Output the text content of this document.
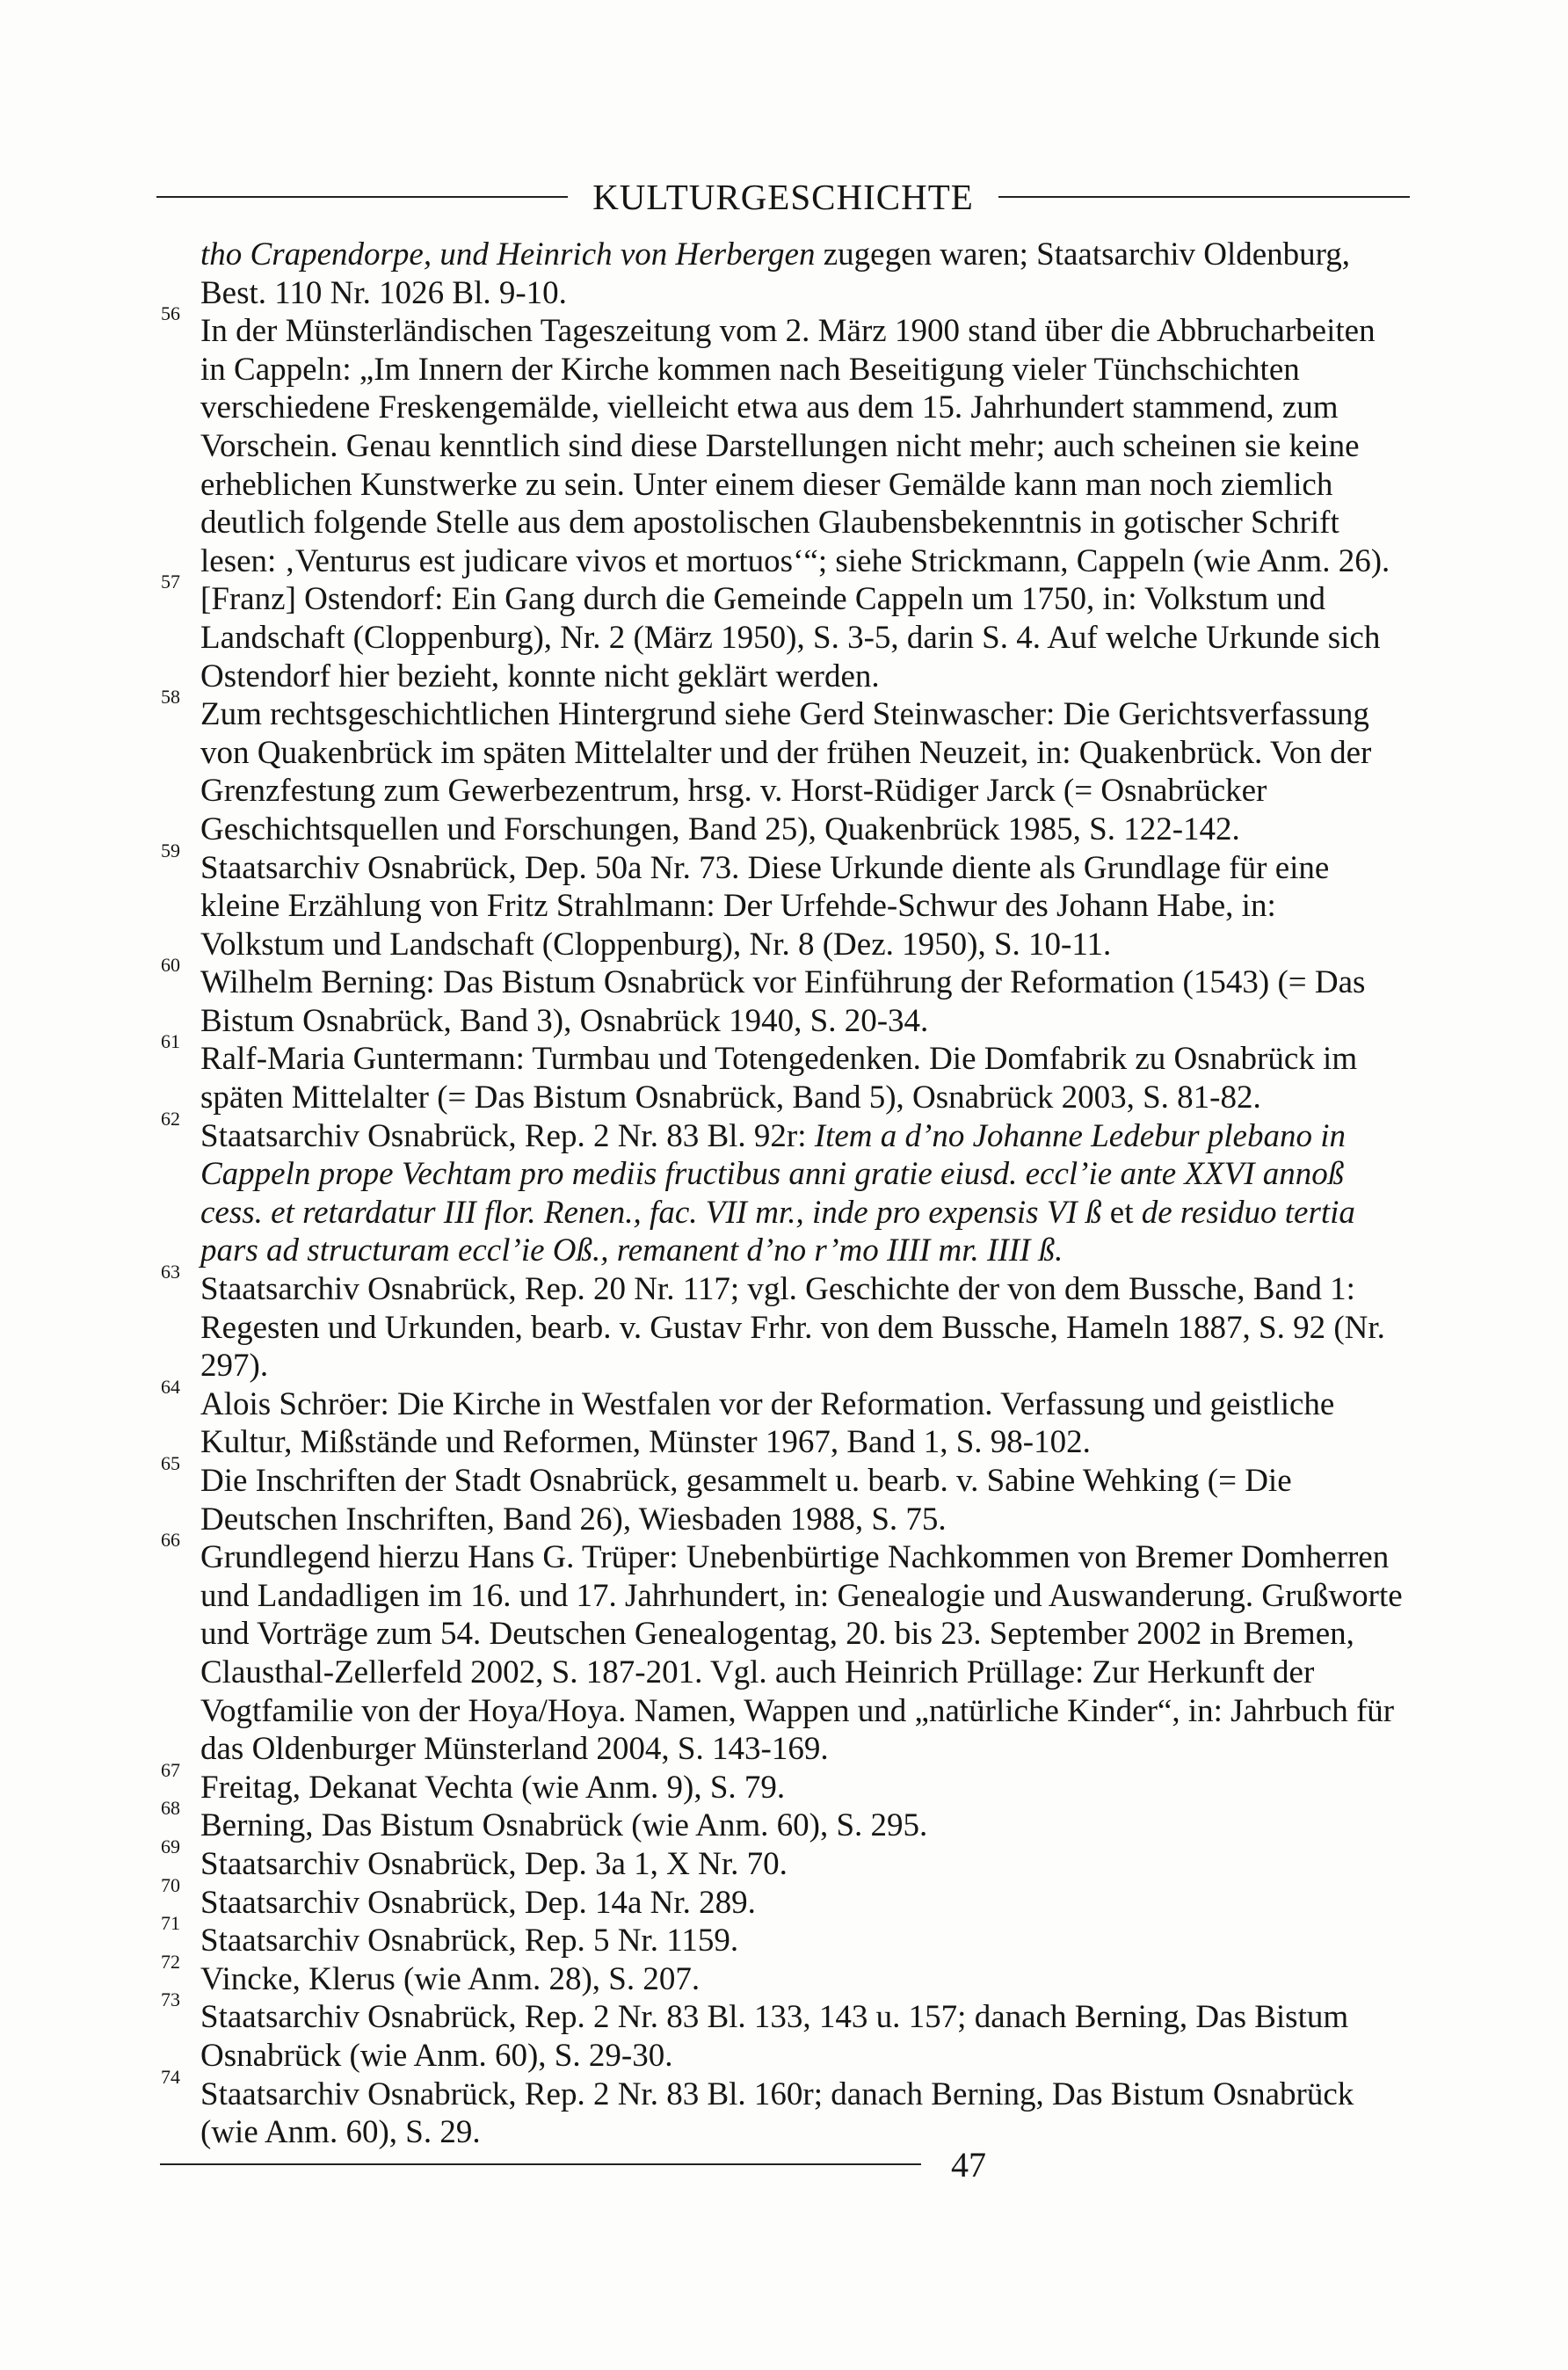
KULTURGESCHICHTE
tho Crapendorpe, und Heinrich von Herbergen zugegen waren; Staatsarchiv Oldenburg, Best. 110 Nr. 1026 Bl. 9-10.
56 In der Münsterländischen Tageszeitung vom 2. März 1900 stand über die Abbrucharbeiten in Cappeln: „Im Innern der Kirche kommen nach Beseitigung vieler Tünchschichten verschiedene Freskengemälde, vielleicht etwa aus dem 15. Jahrhundert stammend, zum Vorschein. Genau kenntlich sind diese Darstellungen nicht mehr; auch scheinen sie keine erheblichen Kunstwerke zu sein. Unter einem dieser Gemälde kann man noch ziemlich deutlich folgende Stelle aus dem apostolischen Glaubensbekenntnis in gotischer Schrift lesen: ‚Venturus est judicare vivos et mortuos‘“; siehe Strickmann, Cappeln (wie Anm. 26).
57 [Franz] Ostendorf: Ein Gang durch die Gemeinde Cappeln um 1750, in: Volkstum und Landschaft (Cloppenburg), Nr. 2 (März 1950), S. 3-5, darin S. 4. Auf welche Urkunde sich Ostendorf hier bezieht, konnte nicht geklärt werden.
58 Zum rechtsgeschichtlichen Hintergrund siehe Gerd Steinwascher: Die Gerichtsverfassung von Quakenbrück im späten Mittelalter und der frühen Neuzeit, in: Quakenbrück. Von der Grenzfestung zum Gewerbezentrum, hrsg. v. Horst-Rüdiger Jarck (= Osnabrücker Geschichtsquellen und Forschungen, Band 25), Quakenbrück 1985, S. 122-142.
59 Staatsarchiv Osnabrück, Dep. 50a Nr. 73. Diese Urkunde diente als Grundlage für eine kleine Erzählung von Fritz Strahlmann: Der Urfehde-Schwur des Johann Habe, in: Volkstum und Landschaft (Cloppenburg), Nr. 8 (Dez. 1950), S. 10-11.
60 Wilhelm Berning: Das Bistum Osnabrück vor Einführung der Reformation (1543) (= Das Bistum Osnabrück, Band 3), Osnabrück 1940, S. 20-34.
61 Ralf-Maria Guntermann: Turmbau und Totengedenken. Die Domfabrik zu Osnabrück im späten Mittelalter (= Das Bistum Osnabrück, Band 5), Osnabrück 2003, S. 81-82.
62 Staatsarchiv Osnabrück, Rep. 2 Nr. 83 Bl. 92r: Item a d’no Johanne Ledebur plebano in Cappeln prope Vechtam pro mediis fructibus anni gratie eiusd. eccl’ie ante XXVI annoß cess. et retardatur III flor. Renen., fac. VII mr., inde pro expensis VI ß et de residuo tertia pars ad structuram eccl’ie Oß., remanent d’no r’mo IIII mr. IIII ß.
63 Staatsarchiv Osnabrück, Rep. 20 Nr. 117; vgl. Geschichte der von dem Bussche, Band 1: Regesten und Urkunden, bearb. v. Gustav Frhr. von dem Bussche, Hameln 1887, S. 92 (Nr. 297).
64 Alois Schröer: Die Kirche in Westfalen vor der Reformation. Verfassung und geistliche Kultur, Mißstände und Reformen, Münster 1967, Band 1, S. 98-102.
65 Die Inschriften der Stadt Osnabrück, gesammelt u. bearb. v. Sabine Wehking (= Die Deutschen Inschriften, Band 26), Wiesbaden 1988, S. 75.
66 Grundlegend hierzu Hans G. Trüper: Unebenbürtige Nachkommen von Bremer Domherren und Landadligen im 16. und 17. Jahrhundert, in: Genealogie und Auswanderung. Grußworte und Vorträge zum 54. Deutschen Genealogentag, 20. bis 23. September 2002 in Bremen, Clausthal-Zellerfeld 2002, S. 187-201. Vgl. auch Heinrich Prüllage: Zur Herkunft der Vogtfamilie von der Hoya/Hoya. Namen, Wappen und „natürliche Kinder“, in: Jahrbuch für das Oldenburger Münsterland 2004, S. 143-169.
67 Freitag, Dekanat Vechta (wie Anm. 9), S. 79.
68 Berning, Das Bistum Osnabrück (wie Anm. 60), S. 295.
69 Staatsarchiv Osnabrück, Dep. 3a 1, X Nr. 70.
70 Staatsarchiv Osnabrück, Dep. 14a Nr. 289.
71 Staatsarchiv Osnabrück, Rep. 5 Nr. 1159.
72 Vincke, Klerus (wie Anm. 28), S. 207.
73 Staatsarchiv Osnabrück, Rep. 2 Nr. 83 Bl. 133, 143 u. 157; danach Berning, Das Bistum Osnabrück (wie Anm. 60), S. 29-30.
74 Staatsarchiv Osnabrück, Rep. 2 Nr. 83 Bl. 160r; danach Berning, Das Bistum Osnabrück (wie Anm. 60), S. 29.
47
